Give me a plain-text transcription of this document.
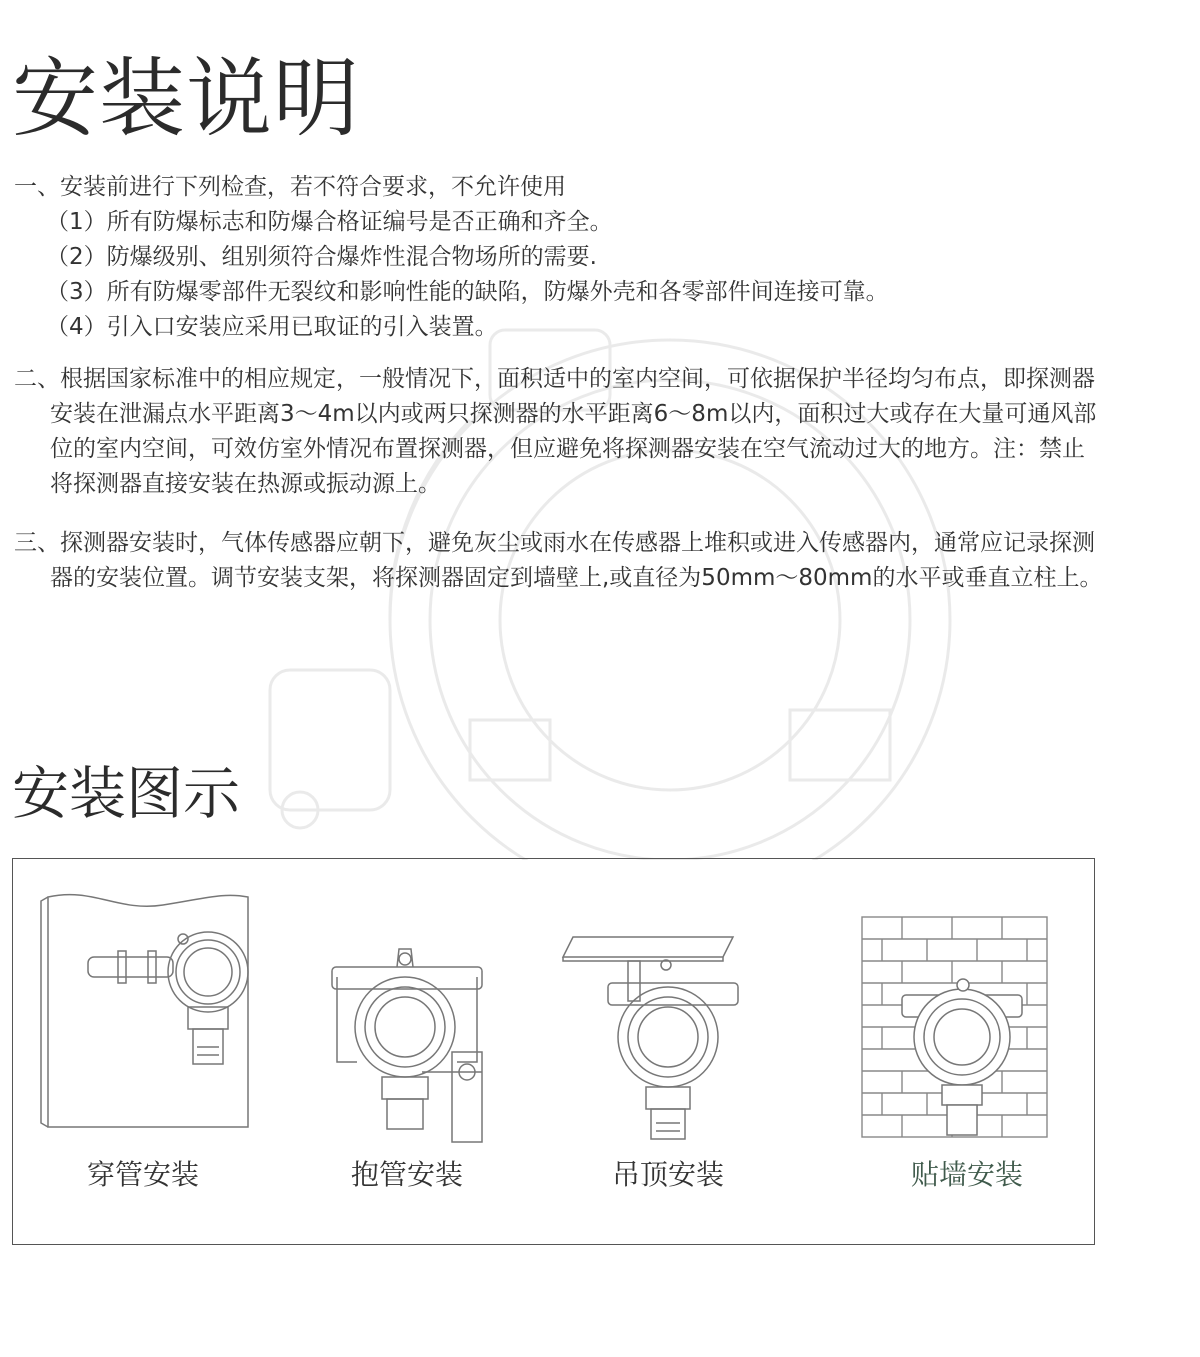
安装说明

一、安装前进行下列检查，若不符合要求，不允许使用

（1）所有防爆标志和防爆合格证编号是否正确和齐全。

（2）防爆级别、组别须符合爆炸性混合物场所的需要.

（3）所有防爆零部件无裂纹和影响性能的缺陷，防爆外壳和各零部件间连接可靠。

（4）引入口安装应采用已取证的引入装置。

二、根据国家标准中的相应规定，一般情况下，面积适中的室内空间，可依据保护半径均匀布点，即探测器安装在泄漏点水平距离3～4m以内或两只探测器的水平距离6～8m以内，面积过大或存在大量可通风部位的室内空间，可效仿室外情况布置探测器，但应避免将探测器安装在空气流动过大的地方。注：禁止将探测器直接安装在热源或振动源上。

三、探测器安装时，气体传感器应朝下，避免灰尘或雨水在传感器上堆积或进入传感器内，通常应记录探测器的安装位置。调节安装支架，将探测器固定到墙壁上,或直径为50mm～80mm的水平或垂直立柱上。

安装图示
穿管安装	抱管安装	吊顶安装	贴墙安装
